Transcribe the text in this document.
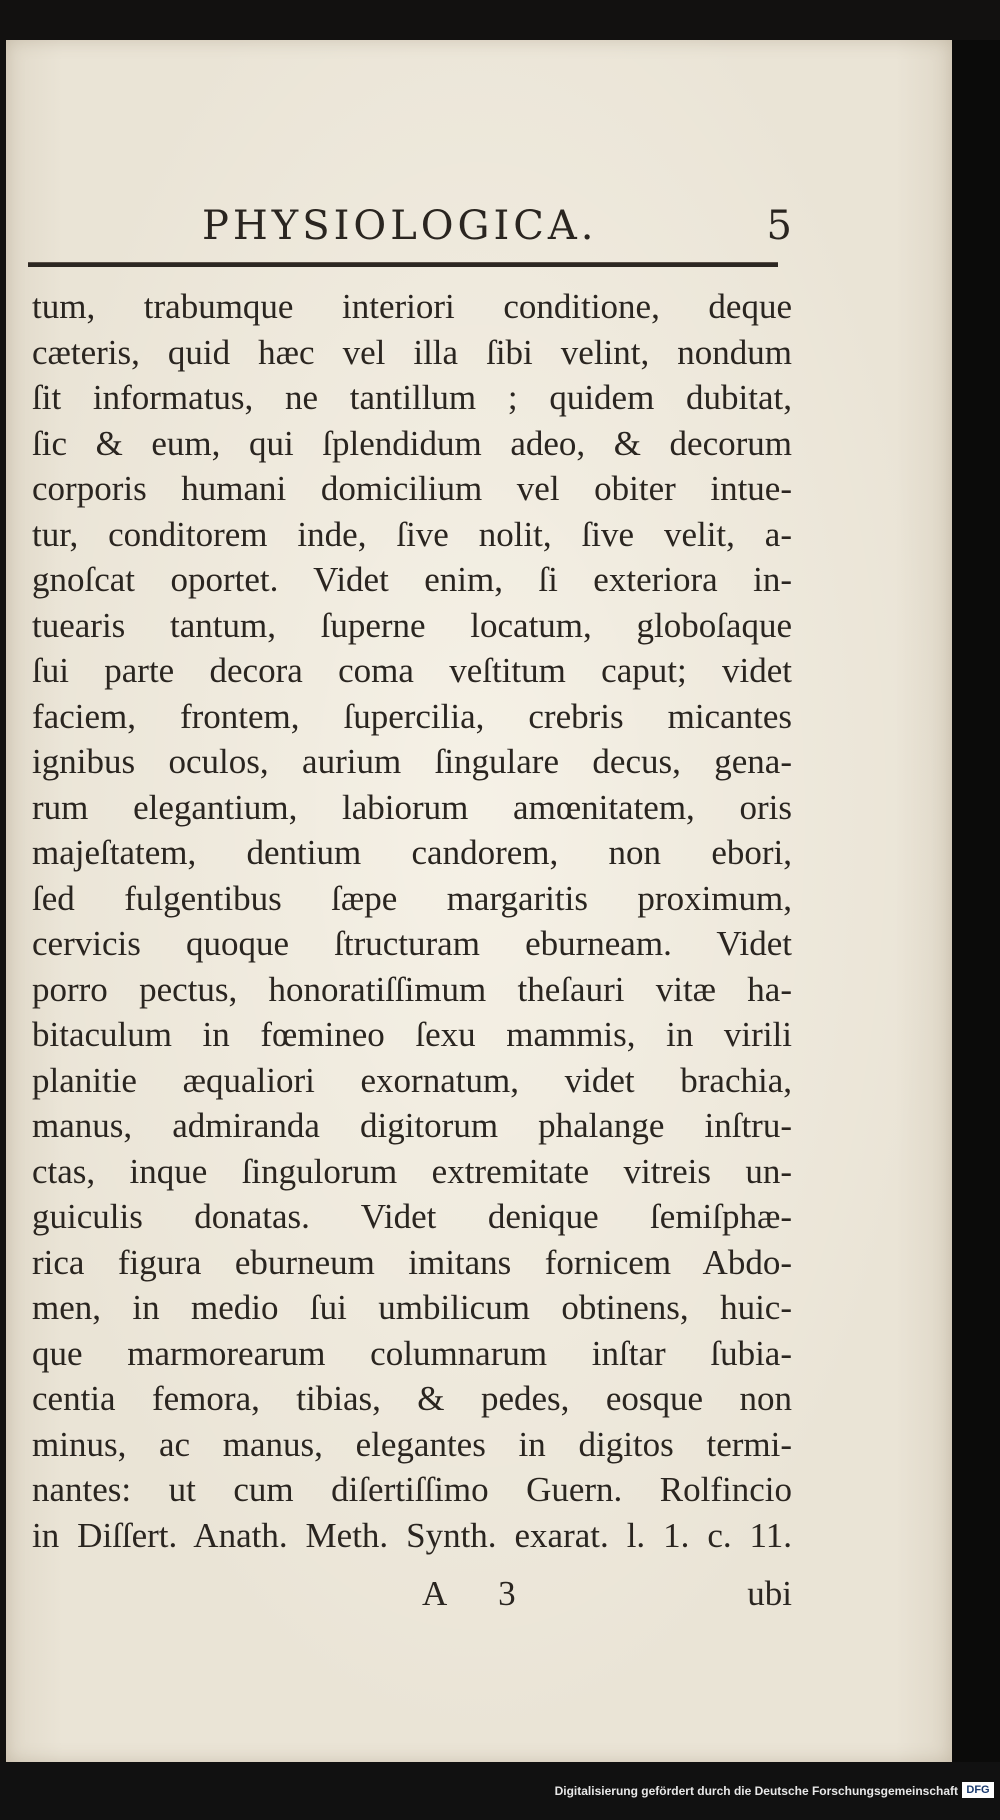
PHYSIOLOGICA.	5
tum, trabumque interiori conditione, deque
cæteris, quid hæc vel illa ſibi velint, nondum
ſit informatus, ne tantillum ; quidem dubitat,
ſic & eum, qui ſplendidum adeo, & decorum
corporis humani domicilium vel obiter intue-
tur, conditorem inde, ſive nolit, ſive velit, a-
gnoſcat oportet. Videt enim, ſi exteriora in-
tuearis tantum, ſuperne locatum, globoſaque
ſui parte decora coma veſtitum caput; videt
faciem, frontem, ſupercilia, crebris micantes
ignibus oculos, aurium ſingulare decus, gena-
rum elegantium, labiorum amœnitatem, oris
majeſtatem, dentium candorem, non ebori,
ſed fulgentibus ſæpe margaritis proximum,
cervicis quoque ſtructuram eburneam. Videt
porro pectus, honoratiſſimum theſauri vitæ ha-
bitaculum in fœmineo ſexu mammis, in virili
planitie æqualiori exornatum, videt brachia,
manus, admiranda digitorum phalange inſtru-
ctas, inque ſingulorum extremitate vitreis un-
guiculis donatas. Videt denique ſemiſphæ-
rica figura eburneum imitans fornicem Abdo-
men, in medio ſui umbilicum obtinens, huic-
que marmorearum columnarum inſtar ſubia-
centia femora, tibias, & pedes, eosque non
minus, ac manus, elegantes in digitos termi-
nantes: ut cum diſertiſſimo Guern. Rolfincio
in Diſſert. Anath. Meth. Synth. exarat. l. 1. c. 11.
A 3	ubi
Digitalisierung gefördert durch die Deutsche Forschungsgemeinschaft DFG
